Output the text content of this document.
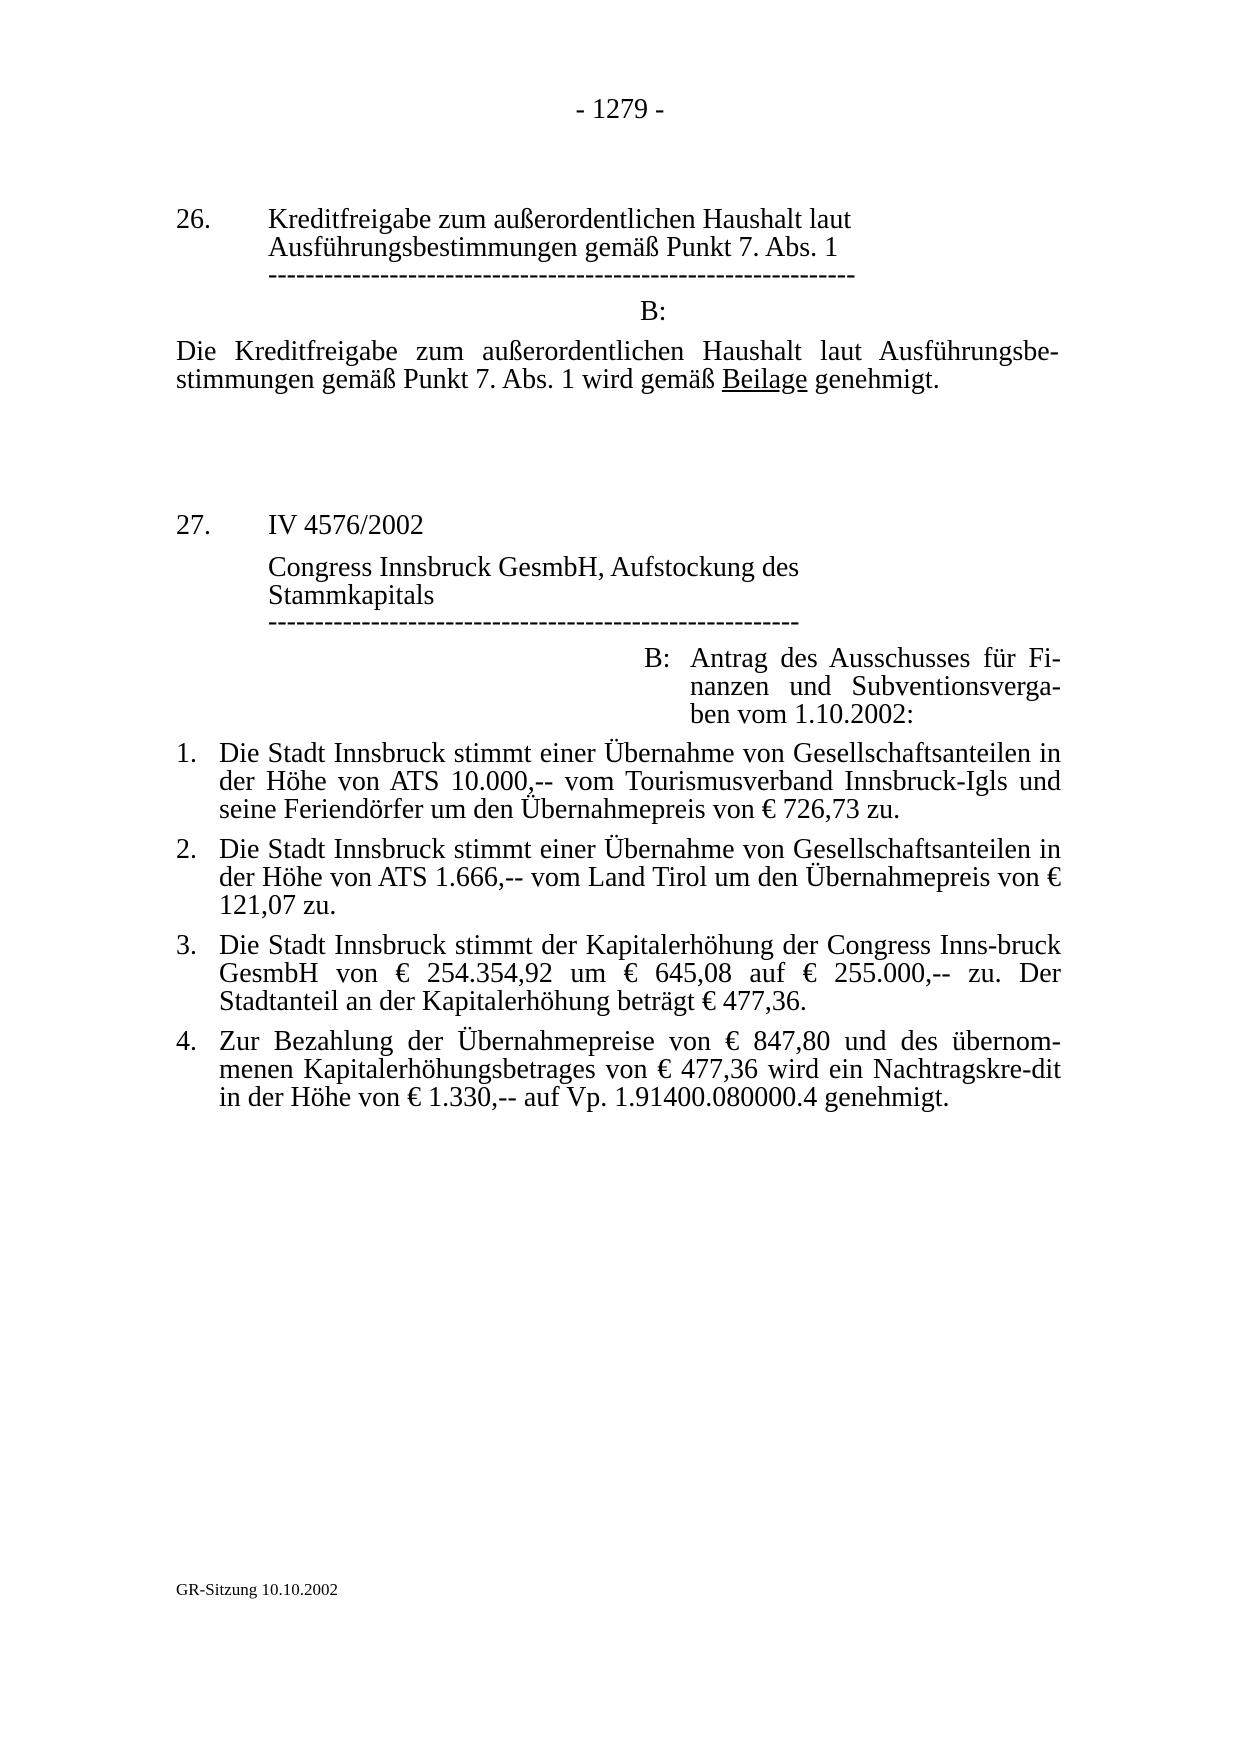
- 1279 -
26. Kreditfreigabe zum außerordentlichen Haushalt laut
Ausführungsbestimmungen gemäß Punkt 7. Abs. 1
---------------------------------------------------------------
B:
Die Kreditfreigabe zum außerordentlichen Haushalt laut Ausführungsbe-stimmungen gemäß Punkt 7. Abs. 1 wird gemäß Beilage genehmigt.
27. IV 4576/2002
Congress Innsbruck GesmbH, Aufstockung des
Stammkapitals
---------------------------------------------------------
B: Antrag des Ausschusses für Fi-nanzen und Subventionsverga-ben vom 1.10.2002:
1. Die Stadt Innsbruck stimmt einer Übernahme von Gesellschaftsanteilen in der Höhe von ATS 10.000,-- vom Tourismusverband Innsbruck-Igls und seine Feriendörfer um den Übernahmepreis von € 726,73 zu.
2. Die Stadt Innsbruck stimmt einer Übernahme von Gesellschaftsanteilen in der Höhe von ATS 1.666,-- vom Land Tirol um den Übernahmepreis von € 121,07 zu.
3. Die Stadt Innsbruck stimmt der Kapitalerhöhung der Congress Inns-bruck GesmbH von € 254.354,92 um € 645,08 auf € 255.000,-- zu. Der Stadtanteil an der Kapitalerhöhung beträgt € 477,36.
4. Zur Bezahlung der Übernahmepreise von € 847,80 und des übernom-menen Kapitalerhöhungsbetrages von € 477,36 wird ein Nachtragskre-dit in der Höhe von € 1.330,-- auf Vp. 1.91400.080000.4 genehmigt.
GR-Sitzung 10.10.2002
